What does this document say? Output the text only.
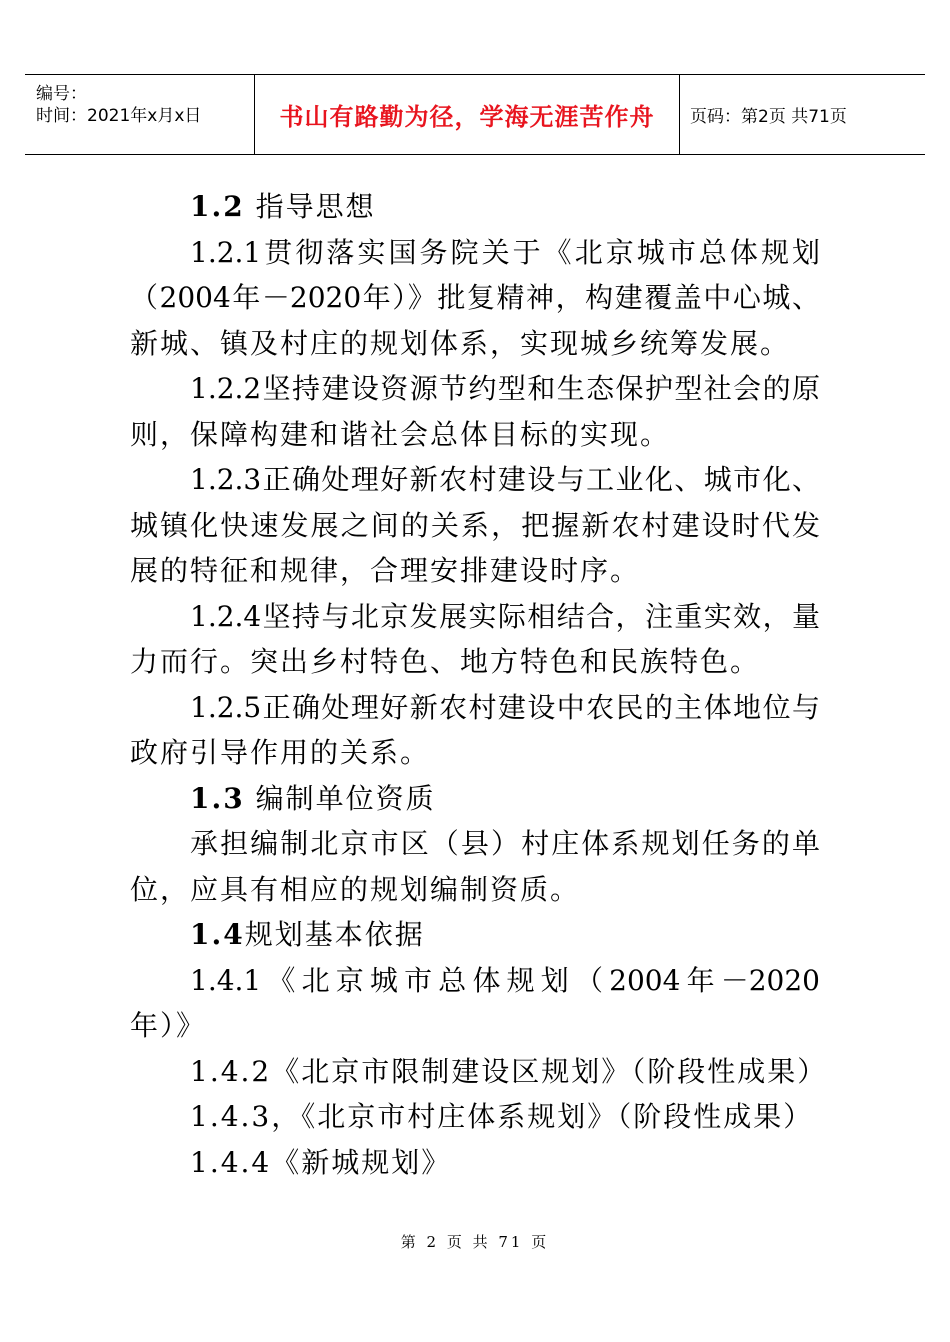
编号：
时间：2021年x月x日	书山有路勤为径，学海无涯苦作舟	页码：第2页 共71页
1.2 指导思想
1.2.1贯彻落实国务院关于《北京城市总体规划
（2004年－2020年）》批复精神，构建覆盖中心城、
新城、镇及村庄的规划体系，实现城乡统筹发展。
1.2.2坚持建设资源节约型和生态保护型社会的原
则，保障构建和谐社会总体目标的实现。
1.2.3正确处理好新农村建设与工业化、城市化、
城镇化快速发展之间的关系，把握新农村建设时代发
展的特征和规律，合理安排建设时序。
1.2.4坚持与北京发展实际相结合，注重实效，量
力而行。突出乡村特色、地方特色和民族特色。
1.2.5正确处理好新农村建设中农民的主体地位与
政府引导作用的关系。
1.3 编制单位资质
承担编制北京市区（县）村庄体系规划任务的单
位，应具有相应的规划编制资质。
1.4规划基本依据
1.4.1《北京城市总体规划（2004年－2020
年）》
1.4.2《北京市限制建设区规划》（阶段性成果）
1.4.3，《北京市村庄体系规划》（阶段性成果）
1.4.4《新城规划》
第 2 页 共 71 页
